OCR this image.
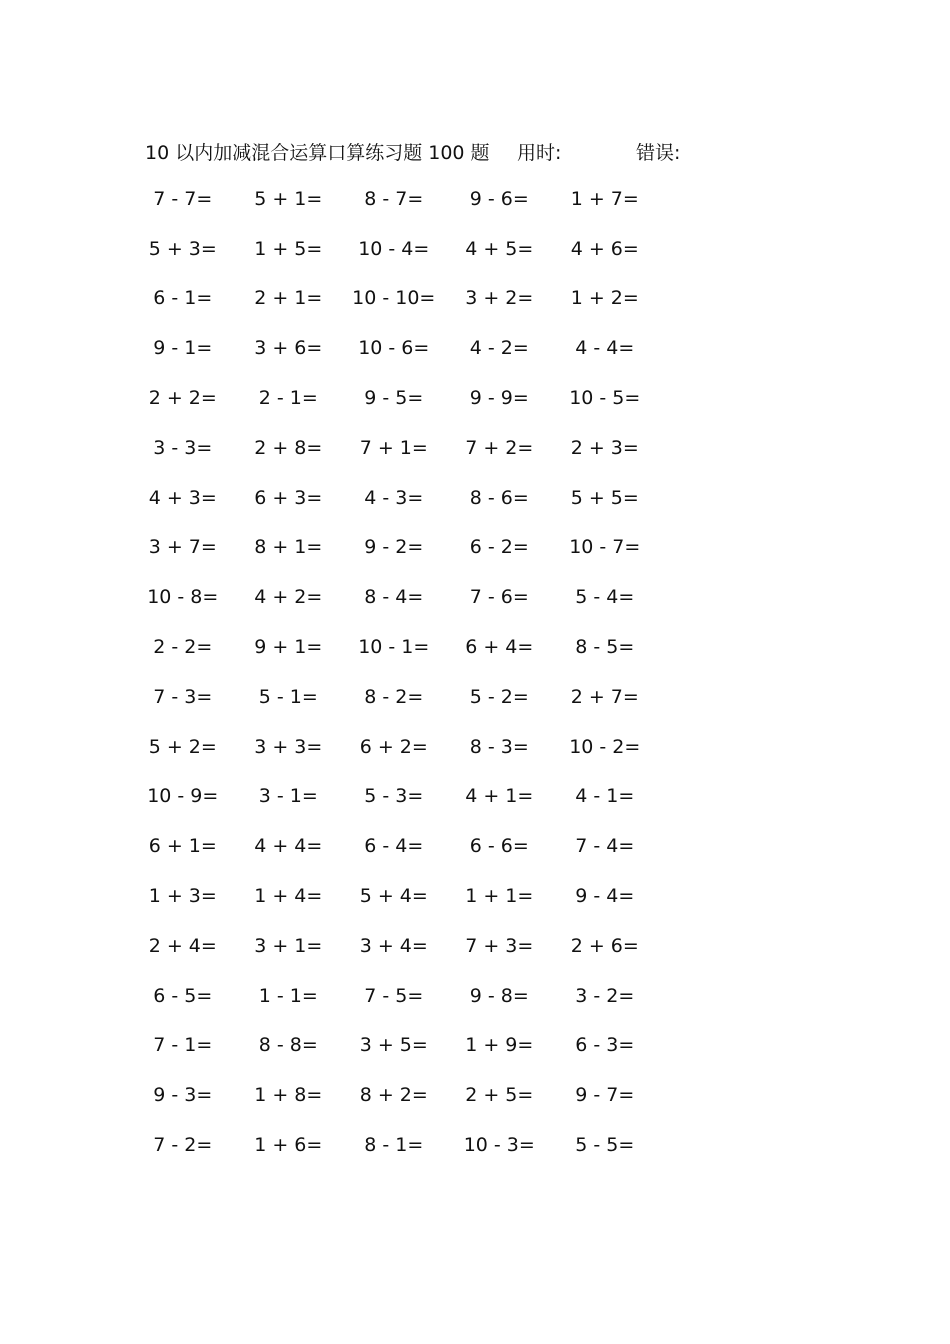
10 以内加减混合运算口算练习题 100 题 用时:	错误:
7 - 7=	5 + 1=	8 - 7=	9 - 6=	1 + 7=
5 + 3=	1 + 5=	10 - 4=	4 + 5=	4 + 6=
6 - 1=	2 + 1=	10 - 10=	3 + 2=	1 + 2=
9 - 1=	3 + 6=	10 - 6=	4 - 2=	4 - 4=
2 + 2=	2 - 1=	9 - 5=	9 - 9=	10 - 5=
3 - 3=	2 + 8=	7 + 1=	7 + 2=	2 + 3=
4 + 3=	6 + 3=	4 - 3=	8 - 6=	5 + 5=
3 + 7=	8 + 1=	9 - 2=	6 - 2=	10 - 7=
10 - 8=	4 + 2=	8 - 4=	7 - 6=	5 - 4=
2 - 2=	9 + 1=	10 - 1=	6 + 4=	8 - 5=
7 - 3=	5 - 1=	8 - 2=	5 - 2=	2 + 7=
5 + 2=	3 + 3=	6 + 2=	8 - 3=	10 - 2=
10 - 9=	3 - 1=	5 - 3=	4 + 1=	4 - 1=
6 + 1=	4 + 4=	6 - 4=	6 - 6=	7 - 4=
1 + 3=	1 + 4=	5 + 4=	1 + 1=	9 - 4=
2 + 4=	3 + 1=	3 + 4=	7 + 3=	2 + 6=
6 - 5=	1 - 1=	7 - 5=	9 - 8=	3 - 2=
7 - 1=	8 - 8=	3 + 5=	1 + 9=	6 - 3=
9 - 3=	1 + 8=	8 + 2=	2 + 5=	9 - 7=
7 - 2=	1 + 6=	8 - 1=	10 - 3=	5 - 5=
